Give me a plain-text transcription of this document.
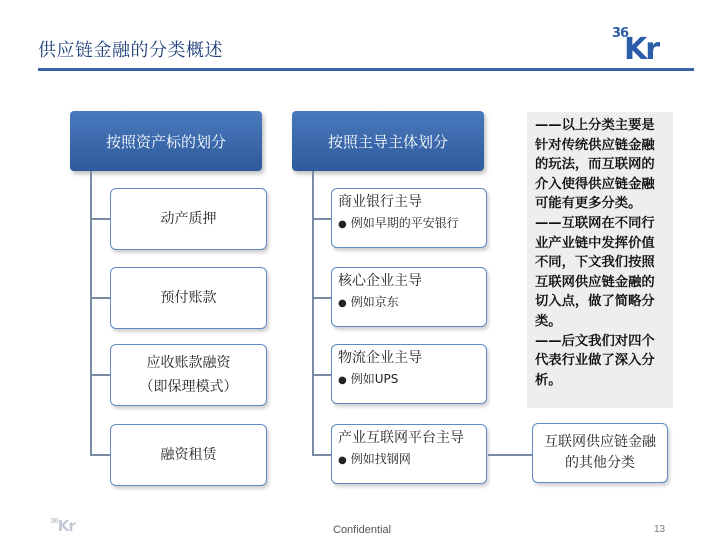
供应链金融的分类概述
36
Kr
按照资产标的划分
动产质押
预付账款
应收账款融资
（即保理模式）
融资租赁
按照主导主体划分
商业银行主导
● 例如早期的平安银行
核心企业主导
● 例如京东
物流企业主导
● 例如UPS
产业互联网平台主导
● 例如找钢网
——以上分类主要是针对传统供应链金融的玩法，而互联网的介入使得供应链金融可能有更多分类。
——互联网在不同行业产业链中发挥价值不同，下文我们按照互联网供应链金融的切入点，做了简略分类。
——后文我们对四个代表行业做了深入分析。
互联网供应链金融的其他分类
$^{36}$Kr	Confidential	13
